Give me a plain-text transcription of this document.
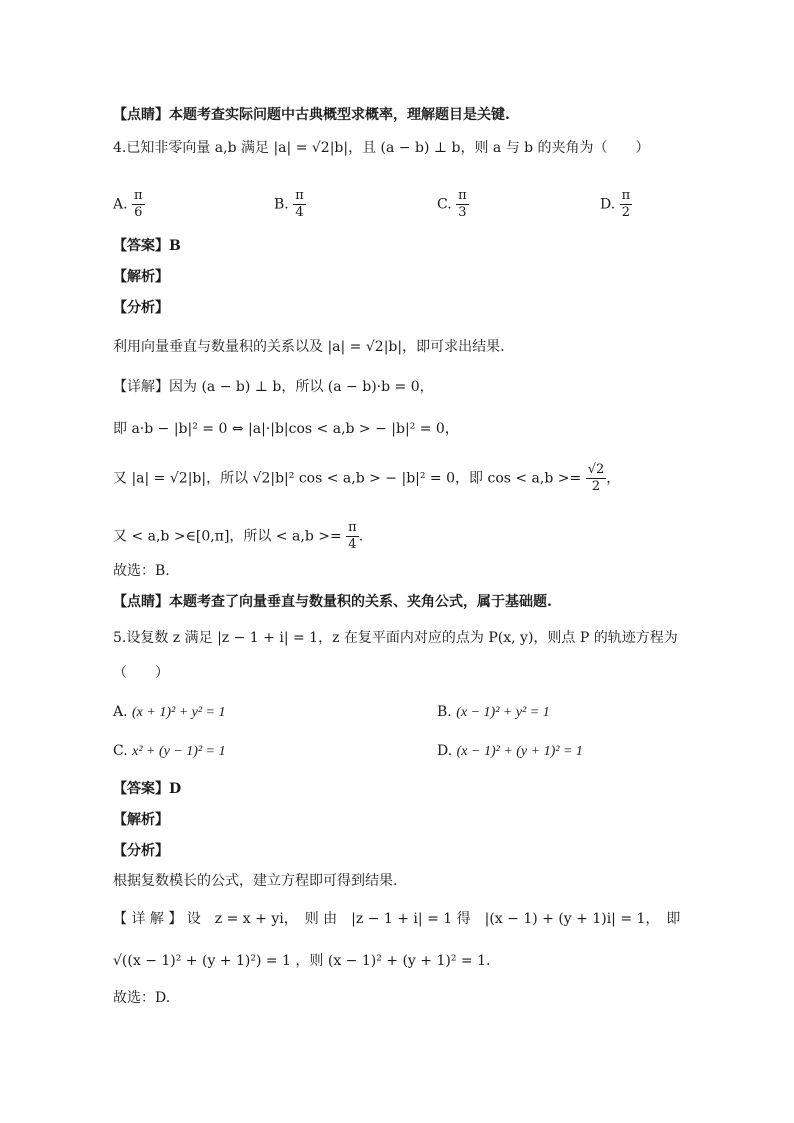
【点睛】本题考查实际问题中古典概型求概率，理解题目是关键.
4.已知非零向量 a,b 满足 |a| = √2|b|，且 (a − b) ⊥ b，则 a 与 b 的夹角为（　　）
A. $\frac{\pi}{6}$	B. $\frac{\pi}{4}$	C. $\frac{\pi}{3}$	D. $\frac{\pi}{2}$
【答案】B
【解析】
【分析】
利用向量垂直与数量积的关系以及 |a| = √2|b|，即可求出结果.
【详解】因为 (a − b) ⊥ b，所以 (a − b)·b = 0，
即 a·b − |b|² = 0 ⇔ |a|·|b|cos < a,b > − |b|² = 0，
又 |a| = √2|b|，所以 √2|b|² cos < a,b > − |b|² = 0，即 $\cos < a,b >= \frac{√2}{2}$ ，
又 < a,b >∈[0,π]，所以 < $a,b >= \frac{\pi}{4}$ .
故选：B.
【点睛】本题考查了向量垂直与数量积的关系、夹角公式，属于基础题.
5.设复数 z 满足 |z − 1 + i| = 1，z 在复平面内对应的点为 P(x, y)，则点 P 的轨迹方程为
（　　）
A. (x + 1)² + y² = 1	B. (x − 1)² + y² = 1
C. x² + (y − 1)² = 1	D. (x − 1)² + (y + 1)² = 1
【答案】D
【解析】
【分析】
根据复数模长的公式，建立方程即可得到结果.
【 详 解 】 设　z = x + yi，　则 由　|z − 1 + i| = 1 得　|(x − 1) + (y + 1)i| = 1，　即
√((x − 1)² + (y + 1)²) = 1 ，则 (x − 1)² + (y + 1)² = 1.
故选：D.
